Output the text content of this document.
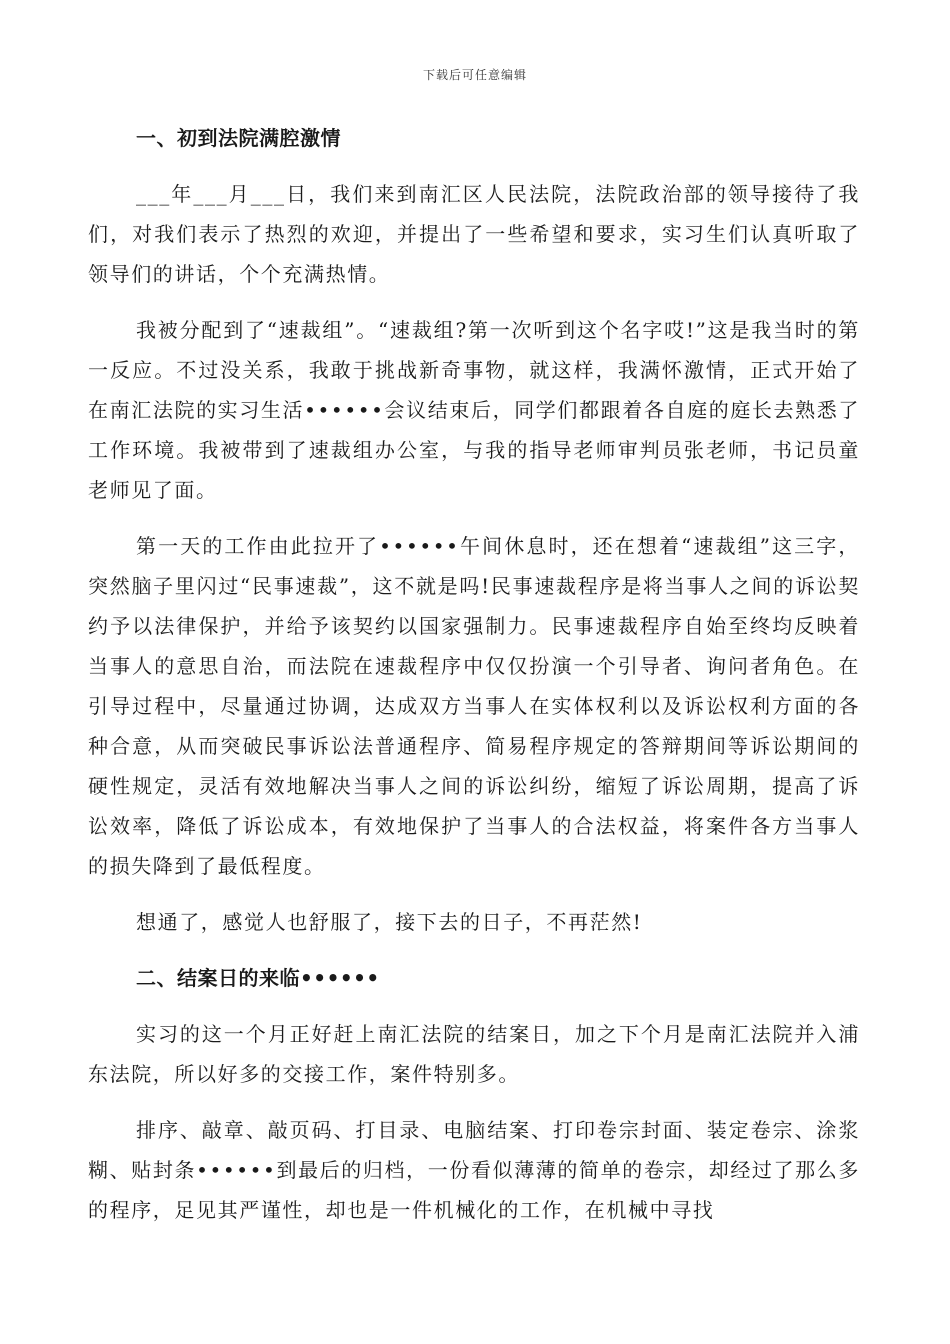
下载后可任意编辑
一、初到法院满腔激情

___年___月___日，我们来到南汇区人民法院，法院政治部的领导接待了我们，对我们表示了热烈的欢迎，并提出了一些希望和要求，实习生们认真听取了领导们的讲话，个个充满热情。

我被分配到了“速裁组”。“速裁组?第一次听到这个名字哎!”这是我当时的第一反应。不过没关系，我敢于挑战新奇事物，就这样，我满怀激情，正式开始了在南汇法院的实习生活••••••会议结束后，同学们都跟着各自庭的庭长去熟悉了工作环境。我被带到了速裁组办公室，与我的指导老师审判员张老师，书记员童老师见了面。

第一天的工作由此拉开了••••••午间休息时，还在想着“速裁组”这三字，突然脑子里闪过“民事速裁”，这不就是吗!民事速裁程序是将当事人之间的诉讼契约予以法律保护，并给予该契约以国家强制力。民事速裁程序自始至终均反映着当事人的意思自治，而法院在速裁程序中仅仅扮演一个引导者、询问者角色。在引导过程中，尽量通过协调，达成双方当事人在实体权利以及诉讼权利方面的各种合意，从而突破民事诉讼法普通程序、简易程序规定的答辩期间等诉讼期间的硬性规定，灵活有效地解决当事人之间的诉讼纠纷，缩短了诉讼周期，提高了诉讼效率，降低了诉讼成本，有效地保护了当事人的合法权益，将案件各方当事人的损失降到了最低程度。

想通了，感觉人也舒服了，接下去的日子，不再茫然!

二、结案日的来临••••••

实习的这一个月正好赶上南汇法院的结案日，加之下个月是南汇法院并入浦东法院，所以好多的交接工作，案件特别多。

排序、敲章、敲页码、打目录、电脑结案、打印卷宗封面、装定卷宗、涂浆糊、贴封条••••••到最后的归档，一份看似薄薄的简单的卷宗，却经过了那么多的程序，足见其严谨性，却也是一件机械化的工作，在机械中寻找
